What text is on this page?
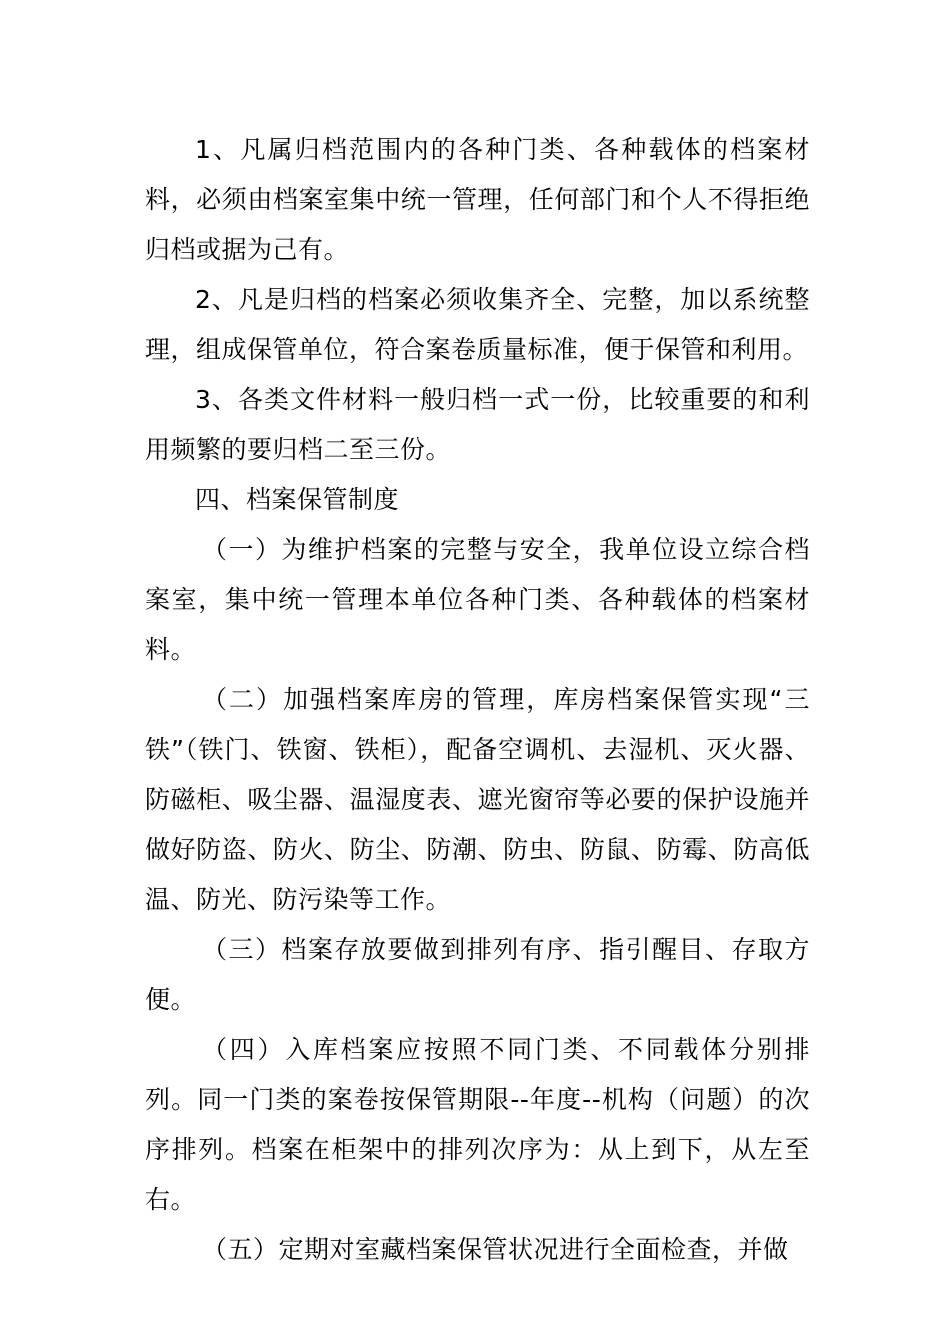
1、凡属归档范围内的各种门类、各种载体的档案材料，必须由档案室集中统一管理，任何部门和个人不得拒绝归档或据为己有。

2、凡是归档的档案必须收集齐全、完整，加以系统整理，组成保管单位，符合案卷质量标准，便于保管和利用。

3、各类文件材料一般归档一式一份，比较重要的和利用频繁的要归档二至三份。

四、档案保管制度

（一）为维护档案的完整与安全，我单位设立综合档案室，集中统一管理本单位各种门类、各种载体的档案材料。

（二）加强档案库房的管理，库房档案保管实现“三铁”（铁门、铁窗、铁柜），配备空调机、去湿机、灭火器、防磁柜、吸尘器、温湿度表、遮光窗帘等必要的保护设施并做好防盗、防火、防尘、防潮、防虫、防鼠、防霉、防高低温、防光、防污染等工作。

（三）档案存放要做到排列有序、指引醒目、存取方便。

（四）入库档案应按照不同门类、不同载体分别排列。同一门类的案卷按保管期限--年度--机构（问题）的次序排列。档案在柜架中的排列次序为：从上到下，从左至右。

（五）定期对室藏档案保管状况进行全面检查，并做
